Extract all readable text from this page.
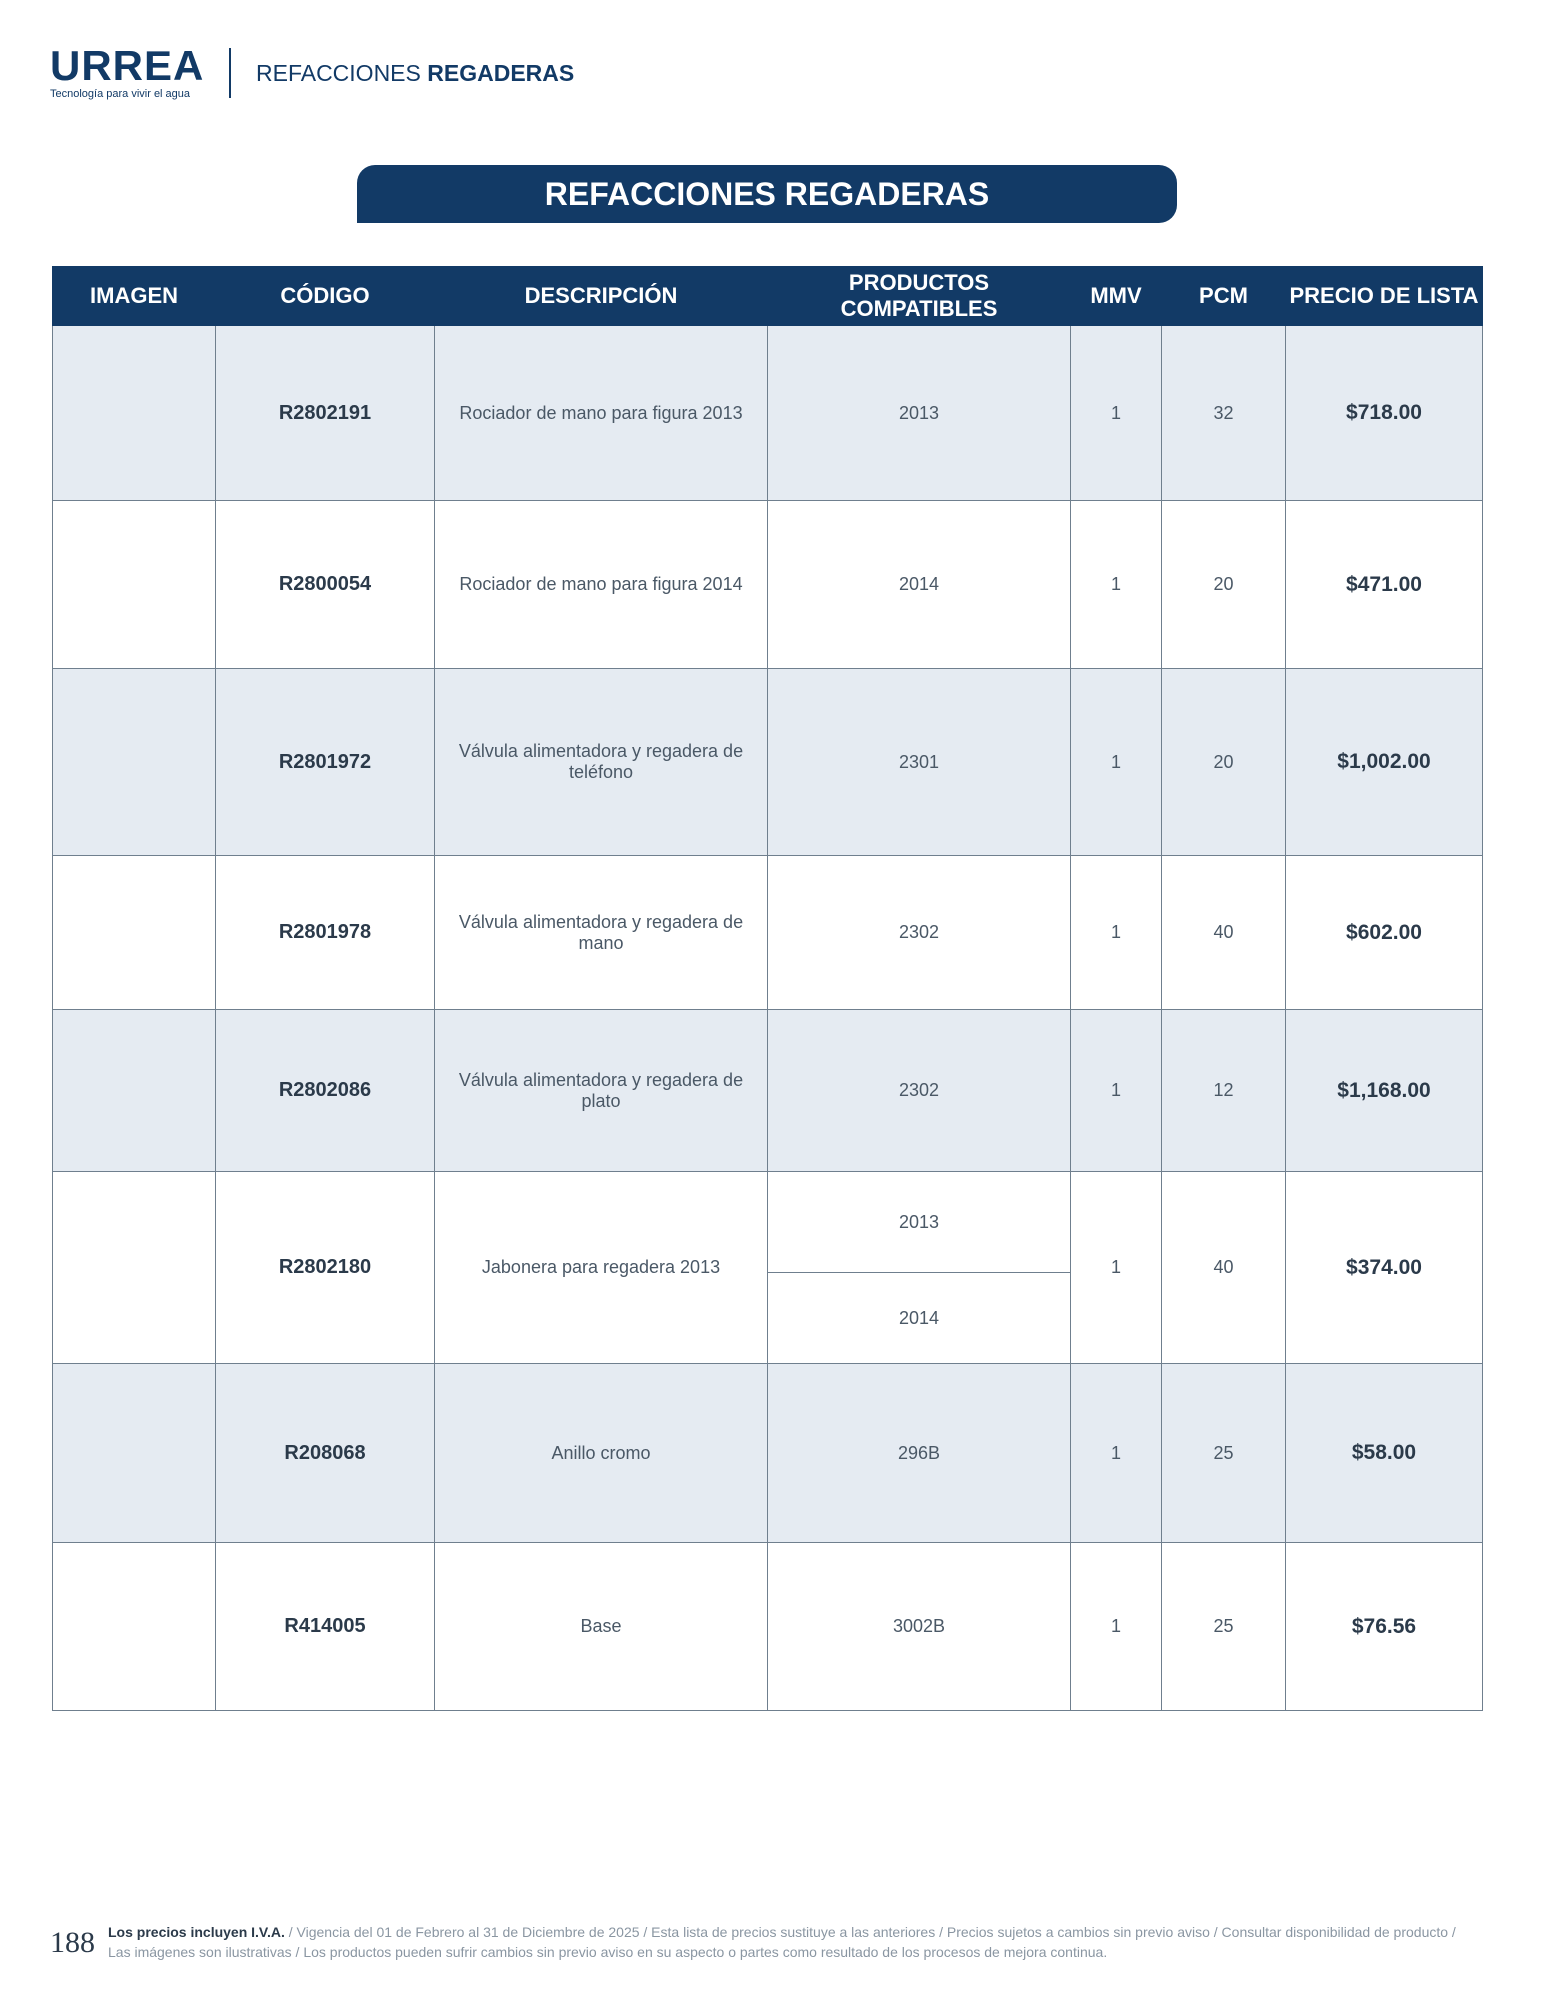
URREA
Tecnología para vivir el agua
REFACCIONES REGADERAS
REFACCIONES REGADERAS
IMAGEN	CÓDIGO	DESCRIPCIÓN	PRODUCTOS COMPATIBLES	MMV	PCM	PRECIO DE LISTA
	R2802191	Rociador de mano para figura 2013	2013	1	32	$718.00
	R2800054	Rociador de mano para figura 2014	2014	1	20	$471.00
	R2801972	Válvula alimentadora y regadera de teléfono	2301	1	20	$1,002.00
	R2801978	Válvula alimentadora y regadera de mano	2302	1	40	$602.00
	R2802086	Válvula alimentadora y regadera de plato	2302	1	12	$1,168.00
	R2802180	Jabonera para regadera 2013	2013	1	40	$374.00
			2014			
	R208068	Anillo cromo	296B	1	25	$58.00
	R414005	Base	3002B	1	25	$76.56
188 Los precios incluyen I.V.A. / Vigencia del 01 de Febrero al 31 de Diciembre de 2025 / Esta lista de precios sustituye a las anteriores / Precios sujetos a cambios sin previo aviso / Consultar disponibilidad de producto / Las imágenes son ilustrativas / Los productos pueden sufrir cambios sin previo aviso en su aspecto o partes como resultado de los procesos de mejora continua.
